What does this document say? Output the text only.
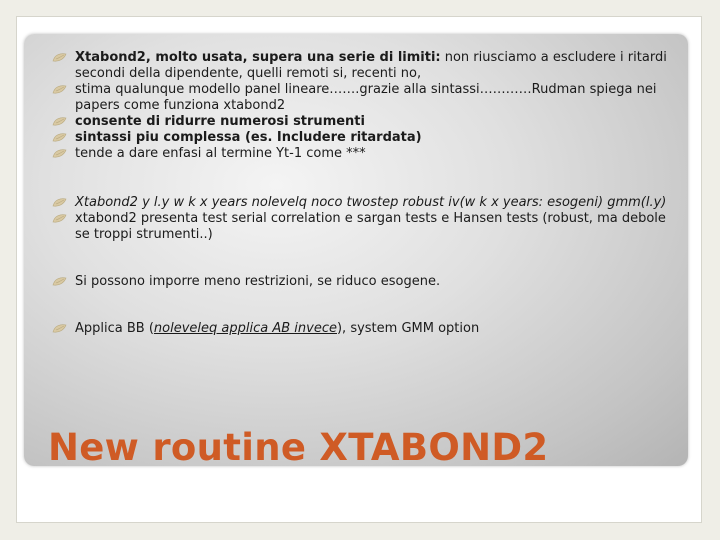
Xtabond2, molto usata, supera una serie di limiti: non riusciamo a escludere i ritardi secondi della dipendente, quelli remoti si, recenti no,
stima qualunque modello panel lineare…….grazie alla sintassi…………Rudman spiega nei papers come funziona xtabond2
consente di ridurre numerosi strumenti
sintassi piu complessa (es. Includere ritardata)
tende a dare enfasi al termine Yt-1 come ***
Xtabond2 y l.y w k x years nolevelq noco twostep robust iv(w k x years: esogeni) gmm(l.y)
xtabond2 presenta test serial correlation e sargan tests e Hansen tests (robust, ma debole se troppi strumenti..)
Si possono imporre meno restrizioni, se riduco esogene.
Applica BB (noleveleq applica AB invece), system GMM option
New routine XTABOND2
